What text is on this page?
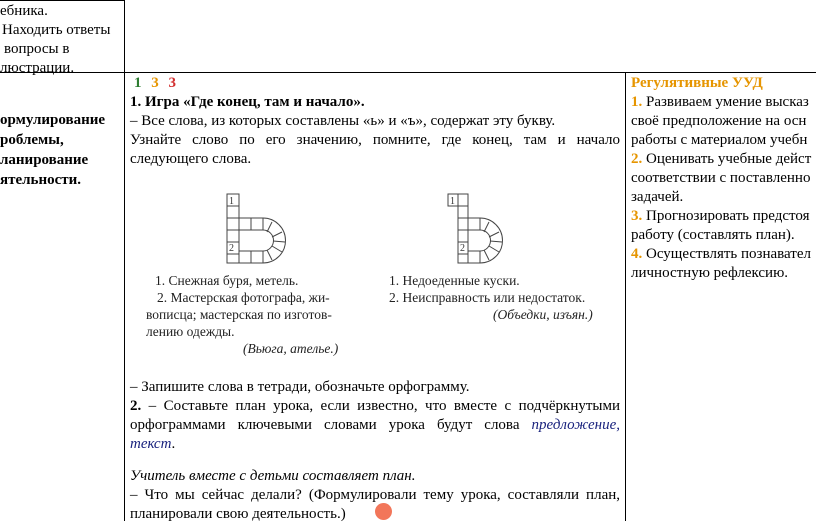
ебника.
Находить ответы
вопросы в
люстрации.
ормулирование
роблемы,
ланирование
ятельности.
1 3 3
1. Игра «Где конец, там и начало».
– Все слова, из которых составлены «ь» и «ъ», содержат эту букву.
Узнайте слово по его значению, помните, где конец, там и начало
следующего слова.
1
2
1
2
1. Снежная буря, метель.
2. Мастерская фотографа, жи-
вописца; мастерская по изготов-
лению одежды.
(Вьюга, ателье.)
1. Недоеденные куски.
2. Неисправность или недостаток.
(Объедки, изъян.)
– Запишите слова в тетради, обозначьте орфограмму.
2. – Составьте план урока, если известно, что вместе с подчёркнутыми
орфограммами ключевыми словами урока будут слова предложение,
текст.
Учитель вместе с детьми составляет план.
– Что мы сейчас делали? (Формулировали тему урока, составляли план,
планировали свою деятельность.)
Регулятивные УУД
1. Развиваем умение высказ
своё предположение на осн
работы с материалом учебн
2. Оценивать учебные дейст
соответствии с поставленно
задачей.
3. Прогнозировать предстоя
работу (составлять план).
4. Осуществлять познавател
личностную рефлексию.
